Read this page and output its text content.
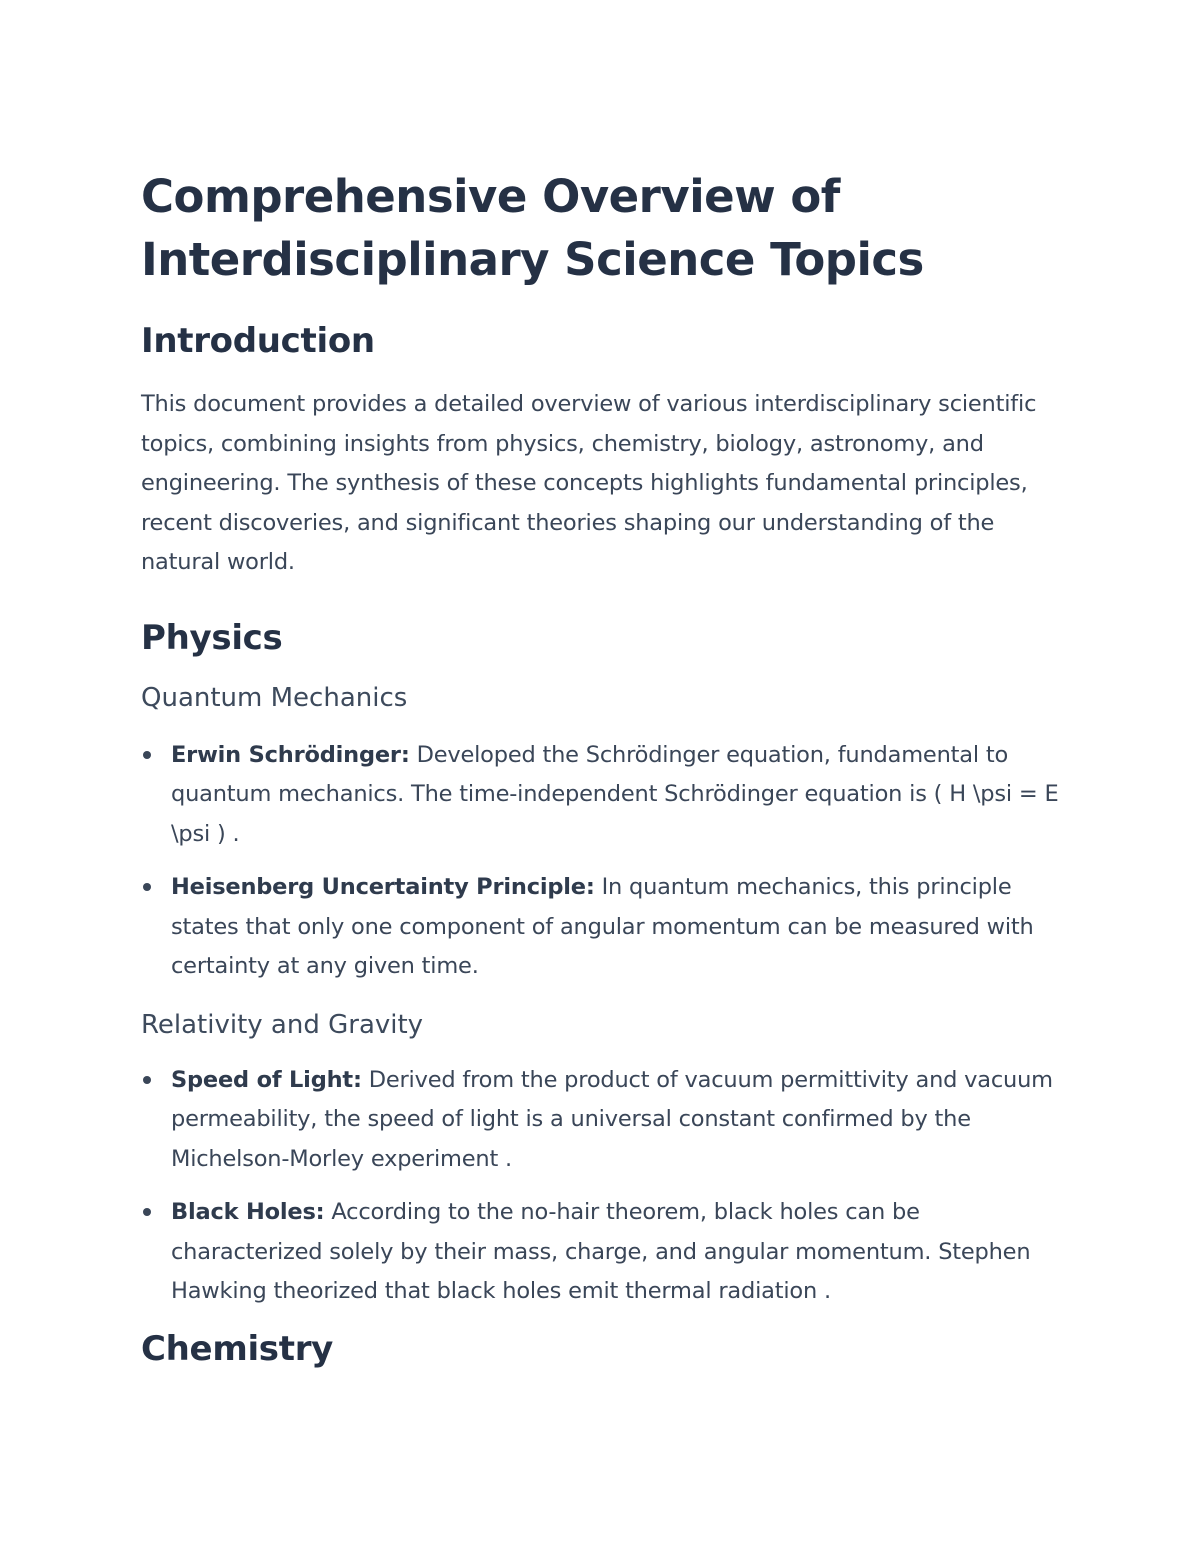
Comprehensive Overview of Interdisciplinary Science Topics
Introduction

This document provides a detailed overview of various interdisciplinary scientific topics, combining insights from physics, chemistry, biology, astronomy, and engineering. The synthesis of these concepts highlights fundamental principles, recent discoveries, and significant theories shaping our understanding of the natural world.

Physics
Quantum Mechanics
Erwin Schrödinger: Developed the Schrödinger equation, fundamental to quantum mechanics. The time-independent Schrödinger equation is ( H \psi = E \psi ) .
Heisenberg Uncertainty Principle: In quantum mechanics, this principle states that only one component of angular momentum can be measured with certainty at any given time.
Relativity and Gravity
Speed of Light: Derived from the product of vacuum permittivity and vacuum permeability, the speed of light is a universal constant confirmed by the Michelson-Morley experiment .
Black Holes: According to the no-hair theorem, black holes can be characterized solely by their mass, charge, and angular momentum. Stephen Hawking theorized that black holes emit thermal radiation .
Chemistry
